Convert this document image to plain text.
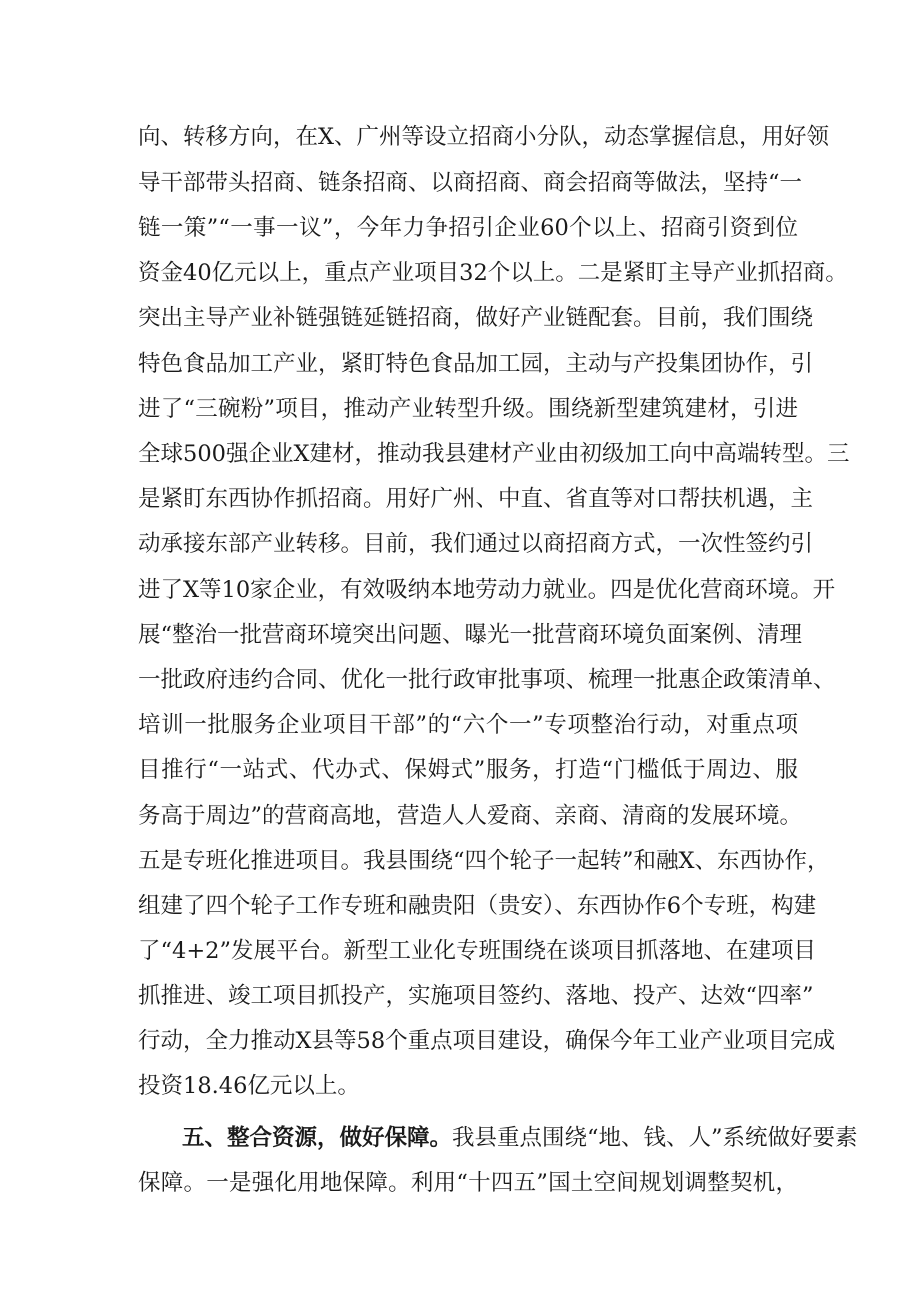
向、转移方向，在X、广州等设立招商小分队，动态掌握信息，用好领
导干部带头招商、链条招商、以商招商、商会招商等做法，坚持“一
链一策”“一事一议”，今年力争招引企业60个以上、招商引资到位
资金40亿元以上，重点产业项目32个以上。二是紧盯主导产业抓招商。
突出主导产业补链强链延链招商，做好产业链配套。目前，我们围绕
特色食品加工产业，紧盯特色食品加工园，主动与产投集团协作，引
进了“三碗粉”项目，推动产业转型升级。围绕新型建筑建材，引进
全球500强企业X建材，推动我县建材产业由初级加工向中高端转型。三
是紧盯东西协作抓招商。用好广州、中直、省直等对口帮扶机遇，主
动承接东部产业转移。目前，我们通过以商招商方式，一次性签约引
进了X等10家企业，有效吸纳本地劳动力就业。四是优化营商环境。开
展“整治一批营商环境突出问题、曝光一批营商环境负面案例、清理
一批政府违约合同、优化一批行政审批事项、梳理一批惠企政策清单、
培训一批服务企业项目干部”的“六个一”专项整治行动，对重点项
目推行“一站式、代办式、保姆式”服务，打造“门槛低于周边、服
务高于周边”的营商高地，营造人人爱商、亲商、清商的发展环境。
五是专班化推进项目。我县围绕“四个轮子一起转”和融X、东西协作，
组建了四个轮子工作专班和融贵阳（贵安）、东西协作6个专班，构建
了“4+2”发展平台。新型工业化专班围绕在谈项目抓落地、在建项目
抓推进、竣工项目抓投产，实施项目签约、落地、投产、达效“四率”
行动，全力推动X县等58个重点项目建设，确保今年工业产业项目完成
投资18.46亿元以上。
五、整合资源，做好保障。我县重点围绕“地、钱、人”系统做好要素
保障。一是强化用地保障。利用“十四五”国土空间规划调整契机，
